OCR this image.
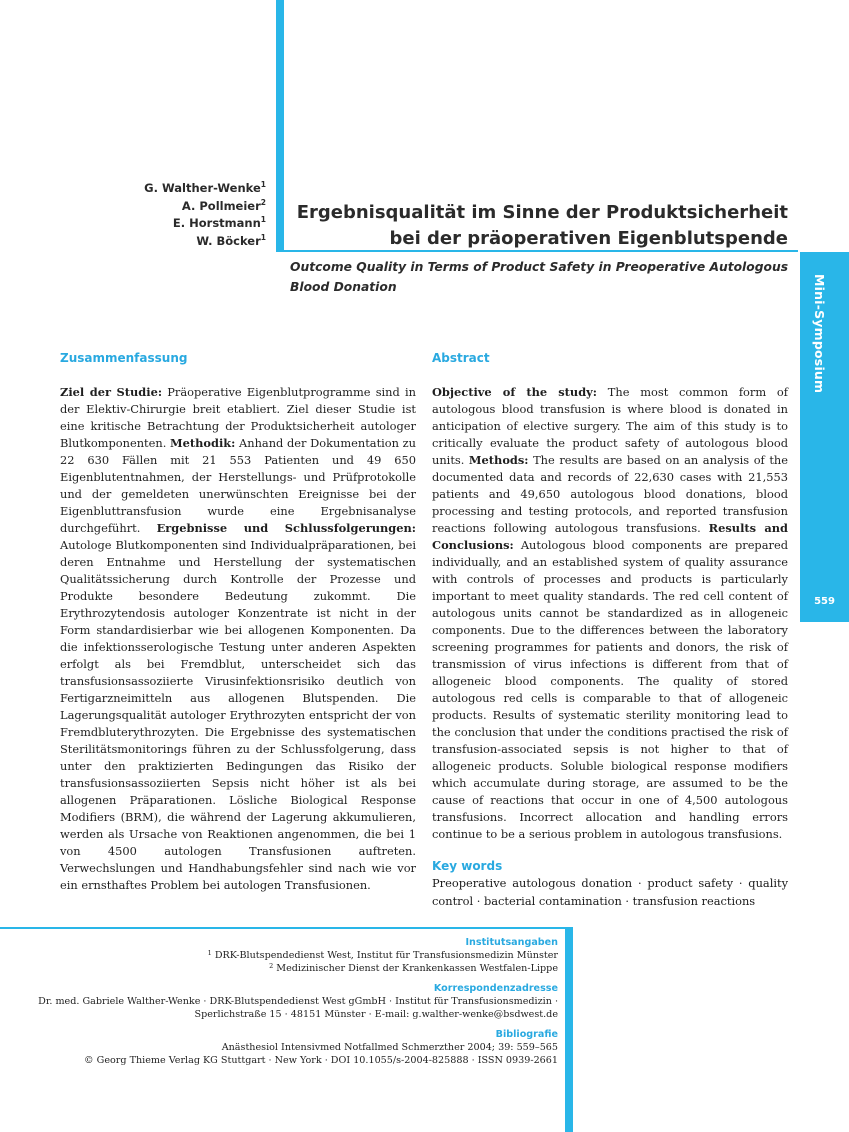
Mini-Symposium
559
G. Walther-Wenke$^1$
A. Pollmeier$^2$
E. Horstmann$^1$
W. Böcker$^1$
Ergebnisqualität im Sinne der Produktsicherheit
bei der präoperativen Eigenblutspende
Outcome Quality in Terms of Product Safety in Preoperative Autologous
Blood Donation
Zusammenfassung

Ziel der Studie: Präoperative Eigenblutprogramme sind in der Elektiv-Chirurgie breit etabliert. Ziel dieser Studie ist eine kritische Betrachtung der Produktsicherheit autologer Blutkomponenten. Methodik: Anhand der Dokumentation zu 22 630 Fällen mit 21 553 Patienten und 49 650 Eigenblutentnahmen, der Herstellungs- und Prüfprotokolle und der gemeldeten unerwünschten Ereignisse bei der Eigenbluttransfusion wurde eine Ergebnisanalyse durchgeführt. Ergebnisse und Schlussfolgerungen: Autologe Blutkomponenten sind Individualpräparationen, bei deren Entnahme und Herstellung der systematischen Qualitätssicherung durch Kontrolle der Prozesse und Produkte besondere Bedeutung zukommt. Die Erythrozytendosis autologer Konzentrate ist nicht in der Form standardisierbar wie bei allogenen Komponenten. Da die infektionsserologische Testung unter anderen Aspekten erfolgt als bei Fremdblut, unterscheidet sich das transfusionsassoziierte Virusinfektionsrisiko deutlich von Fertigarzneimitteln aus allogenen Blutspenden. Die Lagerungsqualität autologer Erythrozyten entspricht der von Fremdbluterythrozyten. Die Ergebnisse des systematischen Sterilitätsmonitorings führen zu der Schlussfolgerung, dass unter den praktizierten Bedingungen das Risiko der transfusionsassoziierten Sepsis nicht höher ist als bei allogenen Präparationen. Lösliche Biological Response Modifiers (BRM), die während der Lagerung akkumulieren, werden als Ursache von Reaktionen angenommen, die bei 1 von 4500 autologen Transfusionen auftreten. Verwechslungen und Handhabungsfehler sind nach wie vor ein ernsthaftes Problem bei autologen Transfusionen.

Abstract

Objective of the study: The most common form of autologous blood transfusion is where blood is donated in anticipation of elective surgery. The aim of this study is to critically evaluate the product safety of autologous blood units. Methods: The results are based on an analysis of the documented data and records of 22,630 cases with 21,553 patients and 49,650 autologous blood donations, blood processing and testing protocols, and reported transfusion reactions following autologous transfusions. Results and Conclusions: Autologous blood components are prepared individually, and an established system of quality assurance with controls of processes and products is particularly important to meet quality standards. The red cell content of autologous units cannot be standardized as in allogeneic components. Due to the differences between the laboratory screening programmes for patients and donors, the risk of transmission of virus infections is different from that of allogeneic blood components. The quality of stored autologous red cells is comparable to that of allogeneic products. Results of systematic sterility monitoring lead to the conclusion that under the conditions practised the risk of transfusion-associated sepsis is not higher to that of allogeneic products. Soluble biological response modifiers which accumulate during storage, are assumed to be the cause of reactions that occur in one of 4,500 autologous transfusions. Incorrect allocation and handling errors continue to be a serious problem in autologous transfusions.

Key words

Preoperative autologous donation · product safety · quality control · bacterial contamination · transfusion reactions

Institutsangaben
$^1$ DRK-Blutspendedienst West, Institut für Transfusionsmedizin Münster
$^2$ Medizinischer Dienst der Krankenkassen Westfalen-Lippe
Korrespondenzadresse
Dr. med. Gabriele Walther-Wenke · DRK-Blutspendedienst West gGmbH · Institut für Transfusionsmedizin ·
Sperlichstraße 15 · 48151 Münster · E-mail: g.walther-wenke@bsdwest.de
Bibliografie
Anästhesiol Intensivmed Notfallmed Schmerzther 2004; 39: 559–565
© Georg Thieme Verlag KG Stuttgart · New York · DOI 10.1055/s-2004-825888 · ISSN 0939-2661
